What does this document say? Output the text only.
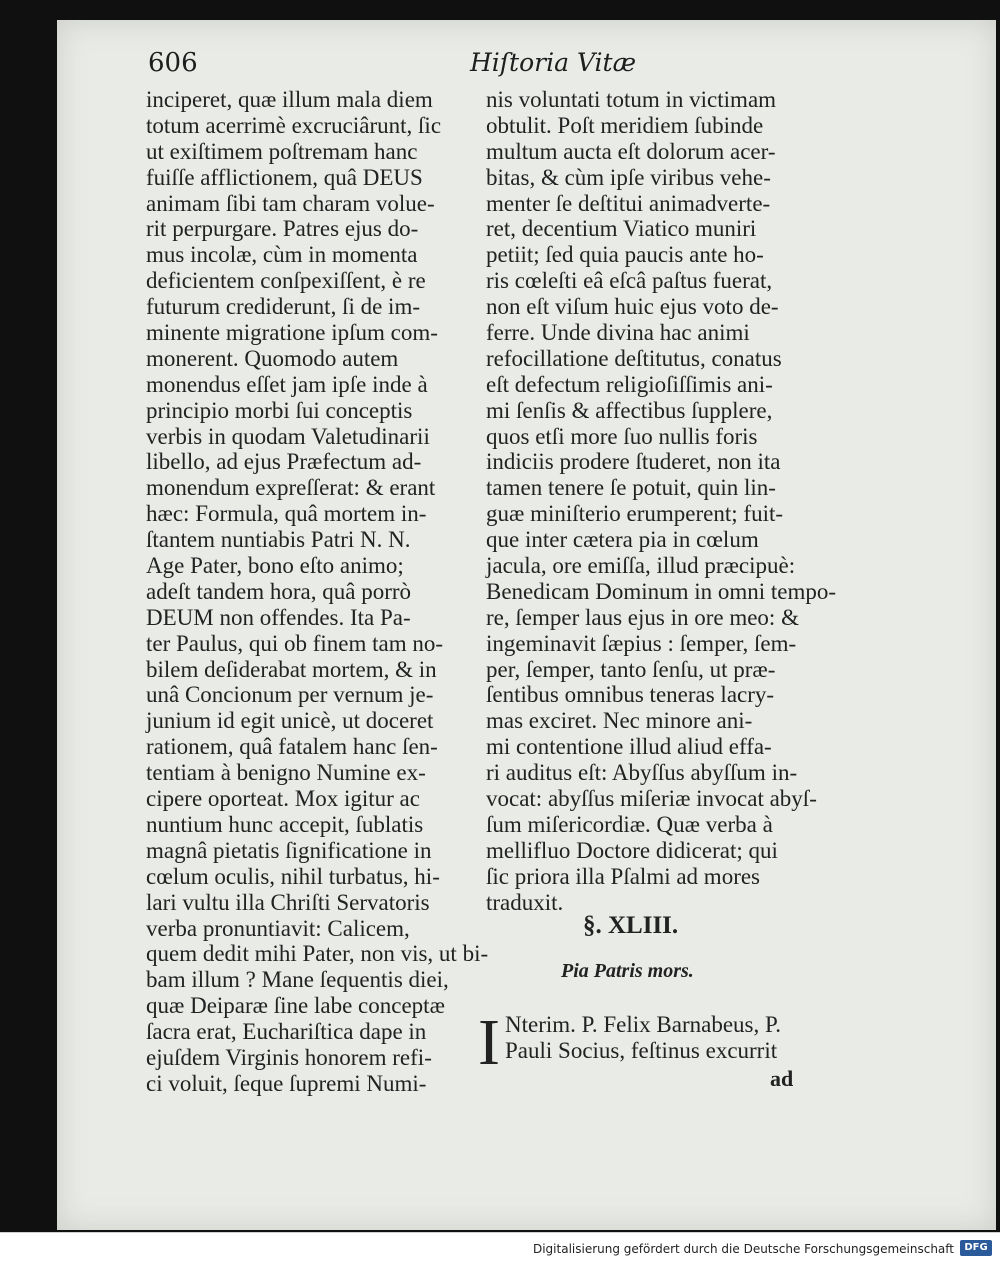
606	Hiſtoria Vitæ
inciperet, quæ illum mala diem
totum acerrimè excruciârunt, ſic
ut exiſtimem poſtremam hanc
fuiſſe afflictionem, quâ DEUS
animam ſibi tam charam volue-
rit perpurgare. Patres ejus do-
mus incolæ, cùm in momenta
deficientem conſpexiſſent, è re
futurum crediderunt, ſi de im-
minente migratione ipſum com-
monerent. Quomodo autem
monendus eſſet jam ipſe inde à
principio morbi ſui conceptis
verbis in quodam Valetudinarii
libello, ad ejus Præfectum ad-
monendum expreſſerat: & erant
hæc: Formula, quâ mortem in-
ſtantem nuntiabis Patri N. N.
Age Pater, bono eſto animo;
adeſt tandem hora, quâ porrò
DEUM non offendes. Ita Pa-
ter Paulus, qui ob finem tam no-
bilem deſiderabat mortem, & in
unâ Concionum per vernum je-
junium id egit unicè, ut doceret
rationem, quâ fatalem hanc ſen-
tentiam à benigno Numine ex-
cipere oporteat. Mox igitur ac
nuntium hunc accepit, ſublatis
magnâ pietatis ſignificatione in
cœlum oculis, nihil turbatus, hi-
lari vultu illa Chriſti Servatoris
verba pronuntiavit: Calicem,
quem dedit mihi Pater, non vis, ut bi-
bam illum ? Mane ſequentis diei,
quæ Deiparæ ſine labe conceptæ
ſacra erat, Euchariſtica dape in
ejuſdem Virginis honorem refi-
ci voluit, ſeque ſupremi Numi-
nis voluntati totum in victimam
obtulit. Poſt meridiem ſubinde
multum aucta eſt dolorum acer-
bitas, & cùm ipſe viribus vehe-
menter ſe deſtitui animadverte-
ret, decentium Viatico muniri
petiit; ſed quia paucis ante ho-
ris cœleſti eâ eſcâ paſtus fuerat,
non eſt viſum huic ejus voto de-
ferre. Unde divina hac animi
refocillatione deſtitutus, conatus
eſt defectum religioſiſſimis ani-
mi ſenſis & affectibus ſupplere,
quos etſi more ſuo nullis foris
indiciis prodere ſtuderet, non ita
tamen tenere ſe potuit, quin lin-
guæ miniſterio erumperent; fuit-
que inter cætera pia in cœlum
jacula, ore emiſſa, illud præcipuè:
Benedicam Dominum in omni tempo-
re, ſemper laus ejus in ore meo: &
ingeminavit ſæpius : ſemper, ſem-
per, ſemper, tanto ſenſu, ut præ-
ſentibus omnibus teneras lacry-
mas exciret. Nec minore ani-
mi contentione illud aliud effa-
ri auditus eſt: Abyſſus abyſſum in-
vocat: abyſſus miſeriæ invocat abyſ-
ſum miſericordiæ. Quæ verba à
mellifluo Doctore didicerat; qui
ſic priora illa Pſalmi ad mores
traduxit.
§. XLIII.
Pia Patris mors.
I Nterim. P. Felix Barnabeus, P.
Pauli Socius, feſtinus excurrit
ad
Digitalisierung gefördert durch die Deutsche Forschungsgemeinschaft	DFG
